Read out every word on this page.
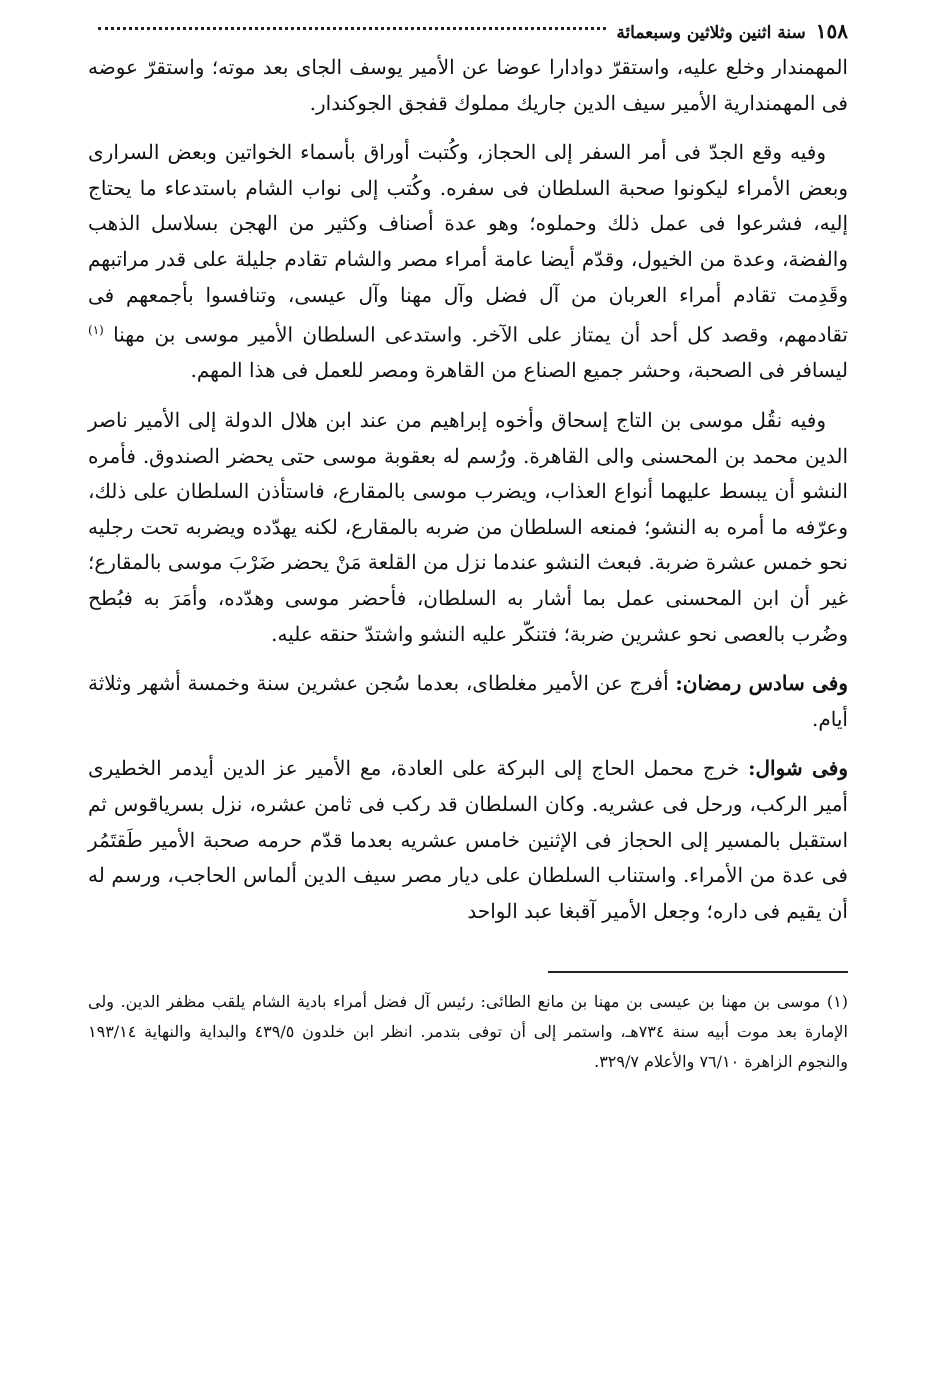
١٥٨
سنة اثنين وثلاثين وسبعمائة

المهمندار وخلع عليه، واستقرّ دوادارا عوضا عن الأمير يوسف الجاى بعد موته؛ واستقرّ عوضه فى المهمندارية الأمير سيف الدين جاريك مملوك قفجق الجوكندار.

وفيه وقع الجدّ فى أمر السفر إلى الحجاز، وكُتبت أوراق بأسماء الخواتين وبعض السرارى وبعض الأمراء ليكونوا صحبة السلطان فى سفره. وكُتب إلى نواب الشام باستدعاء ما يحتاج إليه، فشرعوا فى عمل ذلك وحملوه؛ وهو عدة أصناف وكثير من الهجن بسلاسل الذهب والفضة، وعدة من الخيول، وقدّم أيضا عامة أمراء مصر والشام تقادم جليلة على قدر مراتبهم وقَدِمت تقادم أمراء العربان من آل فضل وآل مهنا وآل عيسى، وتنافسوا بأجمعهم فى تقادمهم، وقصد كل أحد أن يمتاز على الآخر. واستدعى السلطان الأمير موسى بن مهنا $^{(١)}$ ليسافر فى الصحبة، وحشر جميع الصناع من القاهرة ومصر للعمل فى هذا المهم.

وفيه نقُل موسى بن التاج إسحاق وأخوه إبراهيم من عند ابن هلال الدولة إلى الأمير ناصر الدين محمد بن المحسنى والى القاهرة. ورُسم له بعقوبة موسى حتى يحضر الصندوق. فأمره النشو أن يبسط عليهما أنواع العذاب، ويضرب موسى بالمقارع، فاستأذن السلطان على ذلك، وعرّفه ما أمره به النشو؛ فمنعه السلطان من ضربه بالمقارع، لكنه يهدّده ويضربه تحت رجليه نحو خمس عشرة ضربة. فبعث النشو عندما نزل من القلعة مَنْ يحضر ضَرْبَ موسى بالمقارع؛ غير أن ابن المحسنى عمل بما أشار به السلطان، فأحضر موسى وهدّده، وأمَرَ به فبُطح وضُرب بالعصى نحو عشرين ضربة؛ فتنكّر عليه النشو واشتدّ حنقه عليه.

وفى سادس رمضان: أفرج عن الأمير مغلطاى، بعدما سُجن عشرين سنة وخمسة أشهر وثلاثة أيام.

وفى شوال: خرج محمل الحاج إلى البركة على العادة، مع الأمير عز الدين أيدمر الخطيرى أمير الركب، ورحل فى عشريه. وكان السلطان قد ركب فى ثامن عشره، نزل بسرياقوس ثم استقبل بالمسير إلى الحجاز فى الإثنين خامس عشريه بعدما قدّم حرمه صحبة الأمير طَقتَمُر فى عدة من الأمراء. واستناب السلطان على ديار مصر سيف الدين ألماس الحاجب، ورسم له أن يقيم فى داره؛ وجعل الأمير آقبغا عبد الواحد

(١) موسى بن مهنا بن عيسى بن مهنا بن مانع الطائى: رئيس آل فضل أمراء بادية الشام يلقب مظفر الدين. ولى الإمارة بعد موت أبيه سنة ٧٣٤هـ، واستمر إلى أن توفى بتدمر. انظر ابن خلدون ٤٣٩/٥ والبداية والنهاية ١٩٣/١٤ والنجوم الزاهرة ٧٦/١٠ والأعلام ٣٢٩/٧.
